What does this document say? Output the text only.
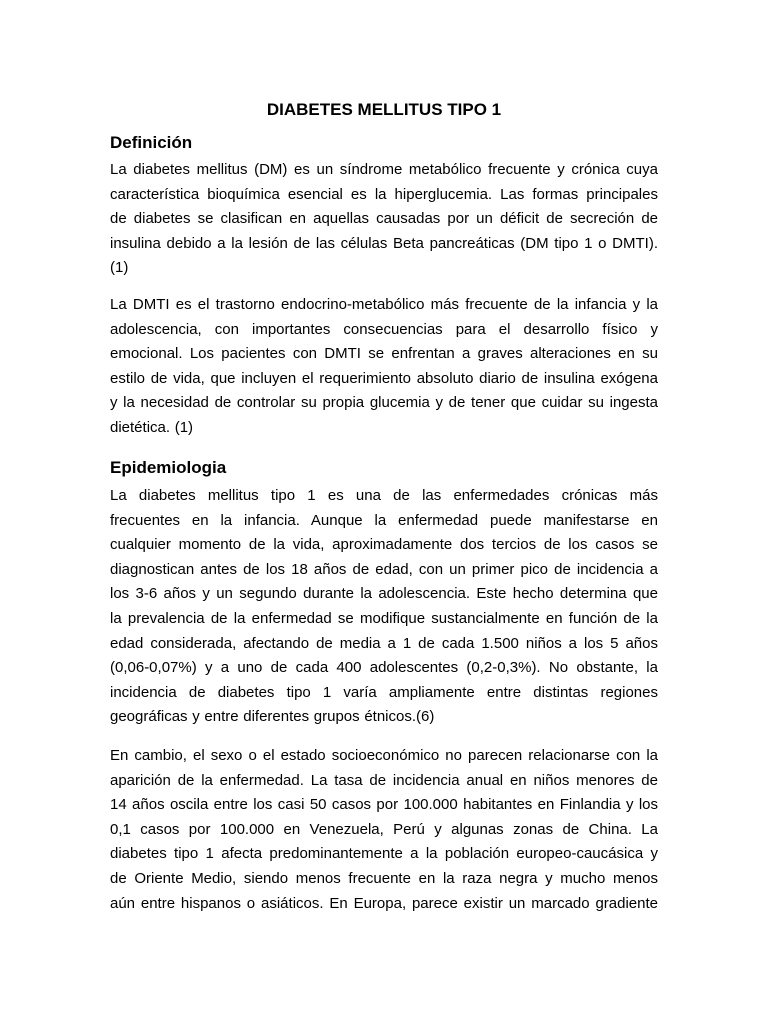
DIABETES MELLITUS TIPO 1
Definición
La diabetes mellitus (DM) es un síndrome metabólico frecuente y crónica cuya
característica bioquímica esencial es la hiperglucemia. Las formas principales
de diabetes se clasifican en aquellas causadas por un déficit de secreción de
insulina debido a la lesión de las células Beta pancreáticas (DM tipo 1 o DMTI).
(1)
La DMTI es el trastorno endocrino-metabólico más frecuente de la infancia y la
adolescencia, con importantes consecuencias para el desarrollo físico y
emocional. Los pacientes con DMTI se enfrentan a graves alteraciones en su
estilo de vida, que incluyen el requerimiento absoluto diario de insulina exógena
y la necesidad de controlar su propia glucemia y de tener que cuidar su ingesta
dietética. (1)
Epidemiologia
La diabetes mellitus tipo 1 es una de las enfermedades crónicas más
frecuentes en la infancia. Aunque la enfermedad puede manifestarse en
cualquier momento de la vida, aproximadamente dos tercios de los casos se
diagnostican antes de los 18 años de edad, con un primer pico de incidencia a
los 3-6 años y un segundo durante la adolescencia. Este hecho determina que
la prevalencia de la enfermedad se modifique sustancialmente en función de la
edad considerada, afectando de media a 1 de cada 1.500 niños a los 5 años
(0,06-0,07%) y a uno de cada 400 adolescentes (0,2-0,3%). No obstante, la
incidencia de diabetes tipo 1 varía ampliamente entre distintas regiones
geográficas y entre diferentes grupos étnicos.(6)
En cambio, el sexo o el estado socioeconómico no parecen relacionarse con la
aparición de la enfermedad. La tasa de incidencia anual en niños menores de
14 años oscila entre los casi 50 casos por 100.000 habitantes en Finlandia y los
0,1 casos por 100.000 en Venezuela, Perú y algunas zonas de China. La
diabetes tipo 1 afecta predominantemente a la población europeo-caucásica y
de Oriente Medio, siendo menos frecuente en la raza negra y mucho menos
aún entre hispanos o asiáticos. En Europa, parece existir un marcado gradiente
